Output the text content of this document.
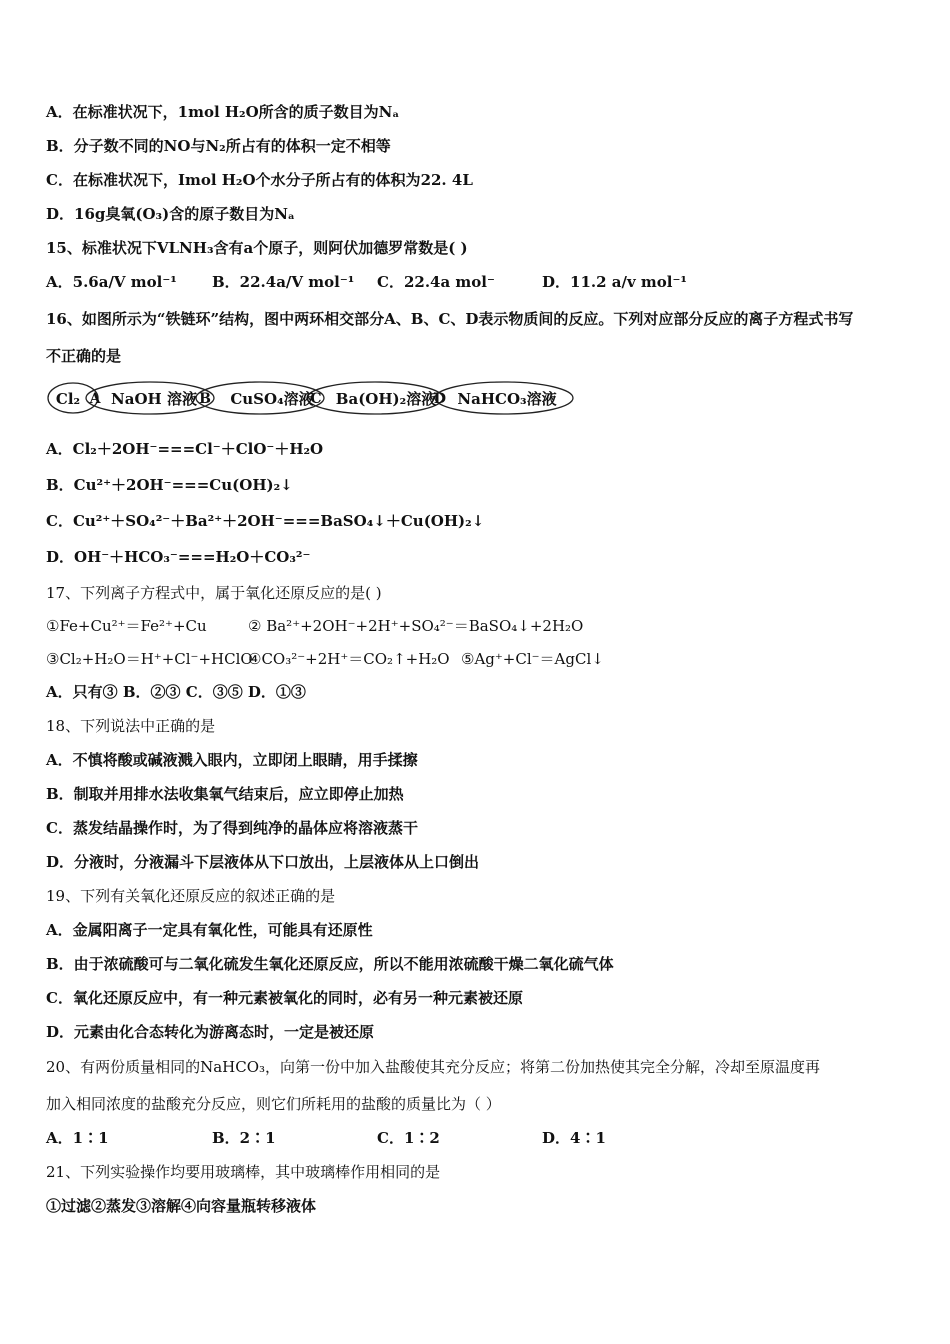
A．在标准状况下，1mol H₂O所含的质子数目为Nₐ
B．分子数不同的NO与N₂所占有的体积一定不相等
C．在标准状况下，Imol H₂O个水分子所占有的体积为22. 4L
D．16g臭氧(O₃)含的原子数目为Nₐ
15、标准状况下VLNH₃含有a个原子，则阿伏加德罗常数是( )
A．5.6a/V mol⁻¹ B．22.4a/V mol⁻¹ C．22.4a mol⁻	D．11.2 a/v mol⁻¹
16、如图所示为“铁链环”结构，图中两环相交部分A、B、C、D表示物质间的反应。下列对应部分反应的离子方程式书写
不正确的是
Cl₂ NaOH 溶液 CuSO₄溶液 Ba(OH)₂溶液 NaHCO₃溶液
A	B	C	D
A．Cl₂＋2OH⁻===Cl⁻＋ClO⁻＋H₂O
B．Cu²⁺＋2OH⁻===Cu(OH)₂↓
C．Cu²⁺＋SO₄²⁻＋Ba²⁺＋2OH⁻===BaSO₄↓＋Cu(OH)₂↓
D．OH⁻＋HCO₃⁻===H₂O＋CO₃²⁻
17、下列离子方程式中，属于氧化还原反应的是( )
①Fe+Cu²⁺＝Fe²⁺+Cu	② Ba²⁺+2OH⁻+2H⁺+SO₄²⁻＝BaSO₄↓+2H₂O
③Cl₂+H₂O＝H⁺+Cl⁻+HClO
④CO₃²⁻+2H⁺＝CO₂↑+H₂O ⑤Ag⁺+Cl⁻＝AgCl↓
A．只有③ B．②③ C．③⑤ D．①③
18、下列说法中正确的是
A．不慎将酸或碱液溅入眼内，立即闭上眼睛，用手揉擦
B．制取并用排水法收集氧气结束后，应立即停止加热
C．蒸发结晶操作时，为了得到纯净的晶体应将溶液蒸干
D．分液时，分液漏斗下层液体从下口放出，上层液体从上口倒出
19、下列有关氧化还原反应的叙述正确的是
A．金属阳离子一定具有氧化性，可能具有还原性
B．由于浓硫酸可与二氧化硫发生氧化还原反应，所以不能用浓硫酸干燥二氧化硫气体
C．氧化还原反应中，有一种元素被氧化的同时，必有另一种元素被还原
D．元素由化合态转化为游离态时，一定是被还原
20、有两份质量相同的NaHCO₃，向第一份中加入盐酸使其充分反应；将第二份加热使其完全分解，冷却至原温度再
加入相同浓度的盐酸充分反应，则它们所耗用的盐酸的质量比为（ ）
A．1∶1	B．2∶1	C．1∶2	D．4∶1
21、下列实验操作均要用玻璃棒，其中玻璃棒作用相同的是
①过滤②蒸发③溶解④向容量瓶转移液体
